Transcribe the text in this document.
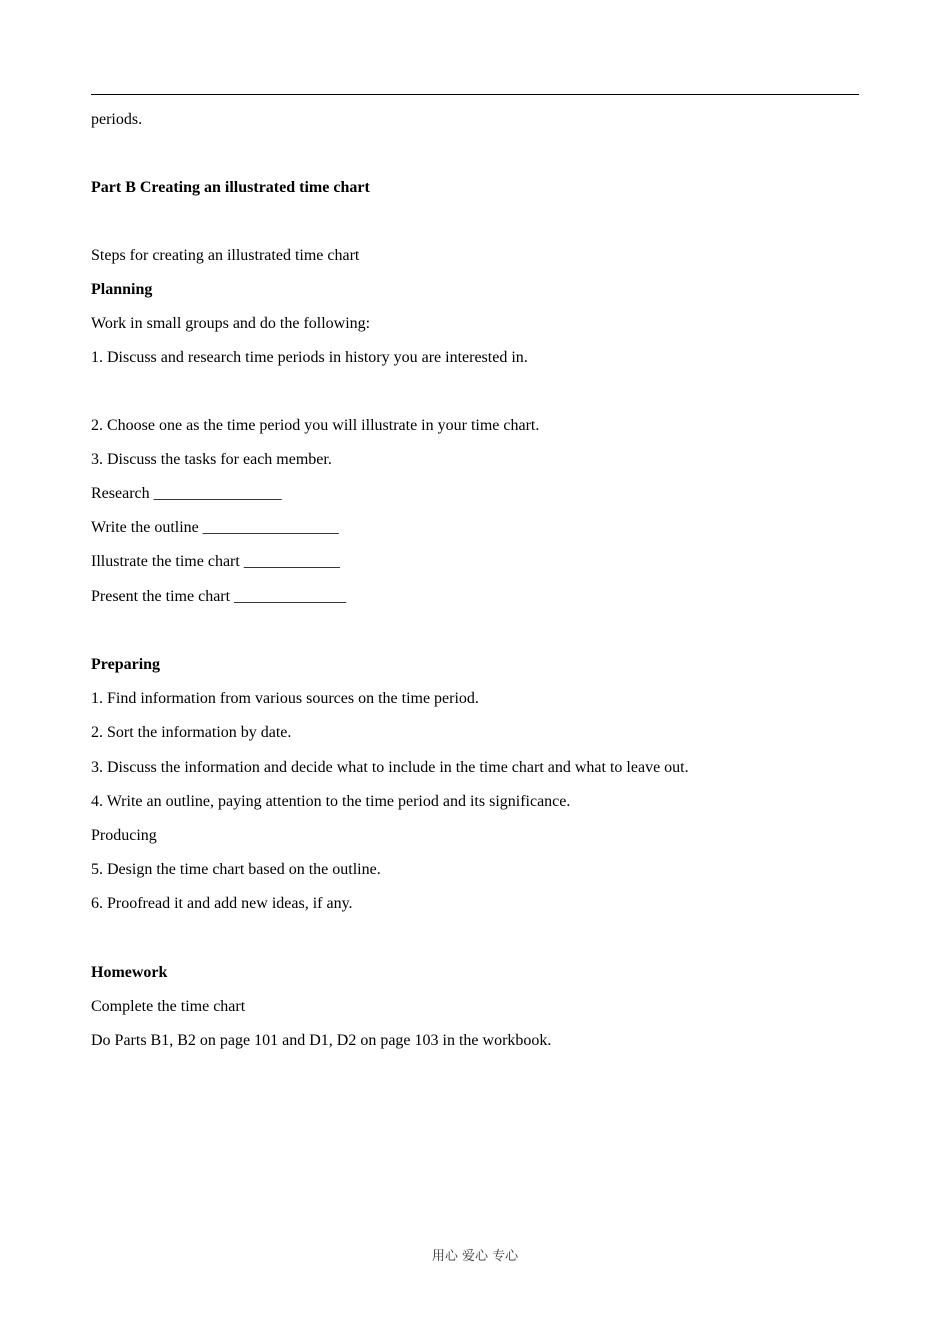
periods.
Part B Creating an illustrated time chart
Steps for creating an illustrated time chart
Planning
Work in small groups and do the following:
1. Discuss and research time periods in history you are interested in.
2. Choose one as the time period you will illustrate in your time chart.
3. Discuss the tasks for each member.
Research ________________
Write the outline _________________
Illustrate the time chart ____________
Present the time chart ______________
Preparing
1. Find information from various sources on the time period.
2. Sort the information by date.
3. Discuss the information and decide what to include in the time chart and what to leave out.
4. Write an outline, paying attention to the time period and its significance.
Producing
5. Design the time chart based on the outline.
6. Proofread it and add new ideas, if any.
Homework
Complete the time chart
Do Parts B1, B2 on page 101 and D1, D2 on page 103 in the workbook.
用心 爱心 专心
